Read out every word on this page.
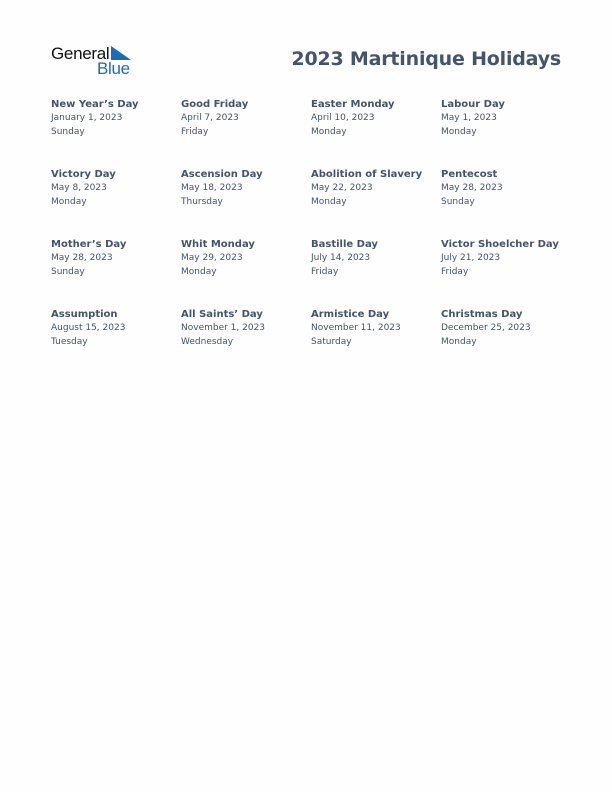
General
Blue	2023 Martinique Holidays
New Year’s Day
January 1, 2023
Sunday
Good Friday
April 7, 2023
Friday
Easter Monday
April 10, 2023
Monday
Labour Day
May 1, 2023
Monday
Victory Day
May 8, 2023
Monday
Ascension Day
May 18, 2023
Thursday
Abolition of Slavery
May 22, 2023
Monday
Pentecost
May 28, 2023
Sunday
Mother’s Day
May 28, 2023
Sunday
Whit Monday
May 29, 2023
Monday
Bastille Day
July 14, 2023
Friday
Victor Shoelcher Day
July 21, 2023
Friday
Assumption
August 15, 2023
Tuesday
All Saints’ Day
November 1, 2023
Wednesday
Armistice Day
November 11, 2023
Saturday
Christmas Day
December 25, 2023
Monday
